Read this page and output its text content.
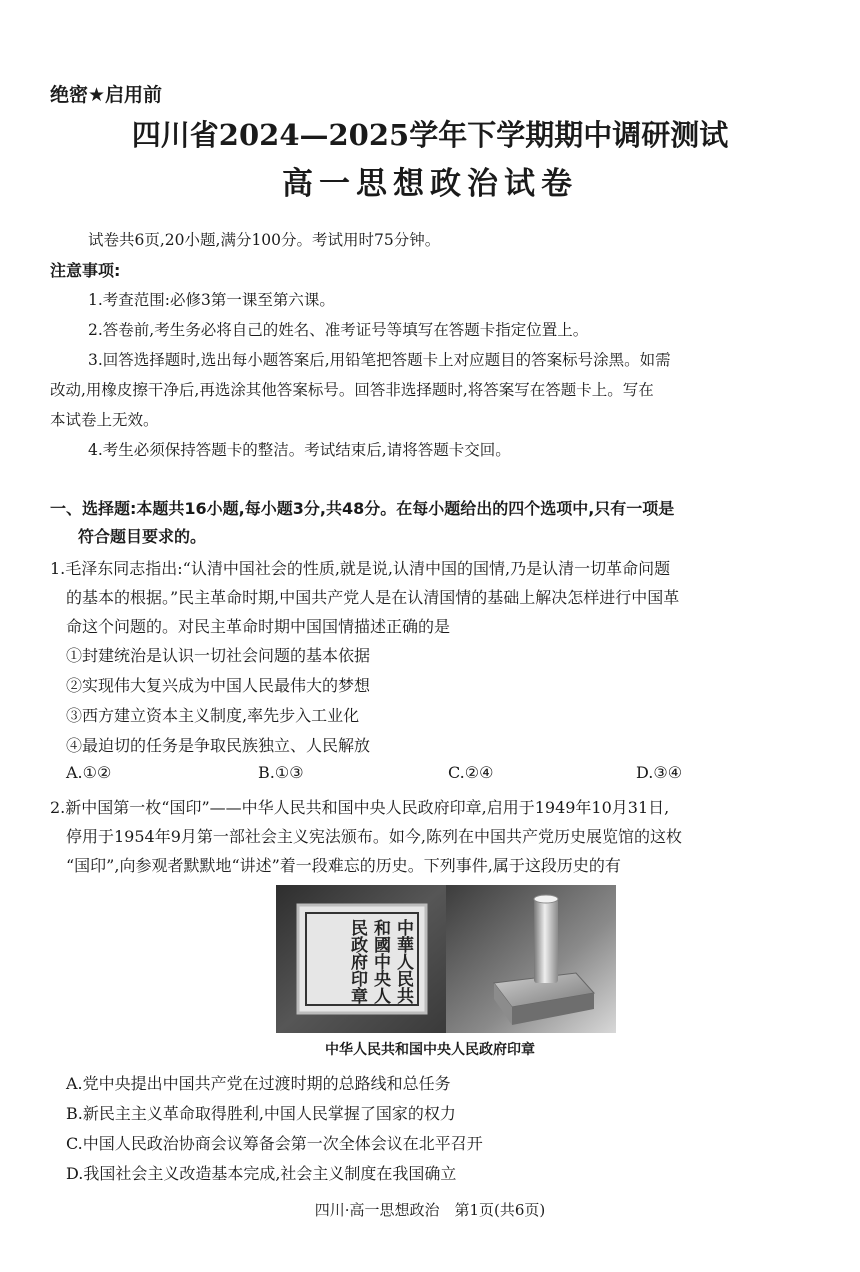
绝密★启用前
四川省2024—2025学年下学期期中调研测试
高一思想政治试卷
试卷共6页,20小题,满分100分。考试用时75分钟。
注意事项:
1.考查范围:必修3第一课至第六课。
2.答卷前,考生务必将自己的姓名、准考证号等填写在答题卡指定位置上。
3.回答选择题时,选出每小题答案后,用铅笔把答题卡上对应题目的答案标号涂黑。如需
改动,用橡皮擦干净后,再选涂其他答案标号。回答非选择题时,将答案写在答题卡上。写在
本试卷上无效。
4.考生必须保持答题卡的整洁。考试结束后,请将答题卡交回。
一、选择题:本题共16小题,每小题3分,共48分。在每小题给出的四个选项中,只有一项是
符合题目要求的。
1.毛泽东同志指出:“认清中国社会的性质,就是说,认清中国的国情,乃是认清一切革命问题
的基本的根据。”民主革命时期,中国共产党人是在认清国情的基础上解决怎样进行中国革
命这个问题的。对民主革命时期中国国情描述正确的是
①封建统治是认识一切社会问题的基本依据
②实现伟大复兴成为中国人民最伟大的梦想
③西方建立资本主义制度,率先步入工业化
④最迫切的任务是争取民族独立、人民解放
A.①②	B.①③	C.②④	D.③④
2.新中国第一枚“国印”——中华人民共和国中央人民政府印章,启用于1949年10月31日,
停用于1954年9月第一部社会主义宪法颁布。如今,陈列在中国共产党历史展览馆的这枚
“国印”,向参观者默默地“讲述”着一段难忘的历史。下列事件,属于这段历史的有
中華人民共
和國中央人
民政府印章
中华人民共和国中央人民政府印章
A.党中央提出中国共产党在过渡时期的总路线和总任务
B.新民主主义革命取得胜利,中国人民掌握了国家的权力
C.中国人民政治协商会议筹备会第一次全体会议在北平召开
D.我国社会主义改造基本完成,社会主义制度在我国确立
四川·高一思想政治　第1页(共6页)
